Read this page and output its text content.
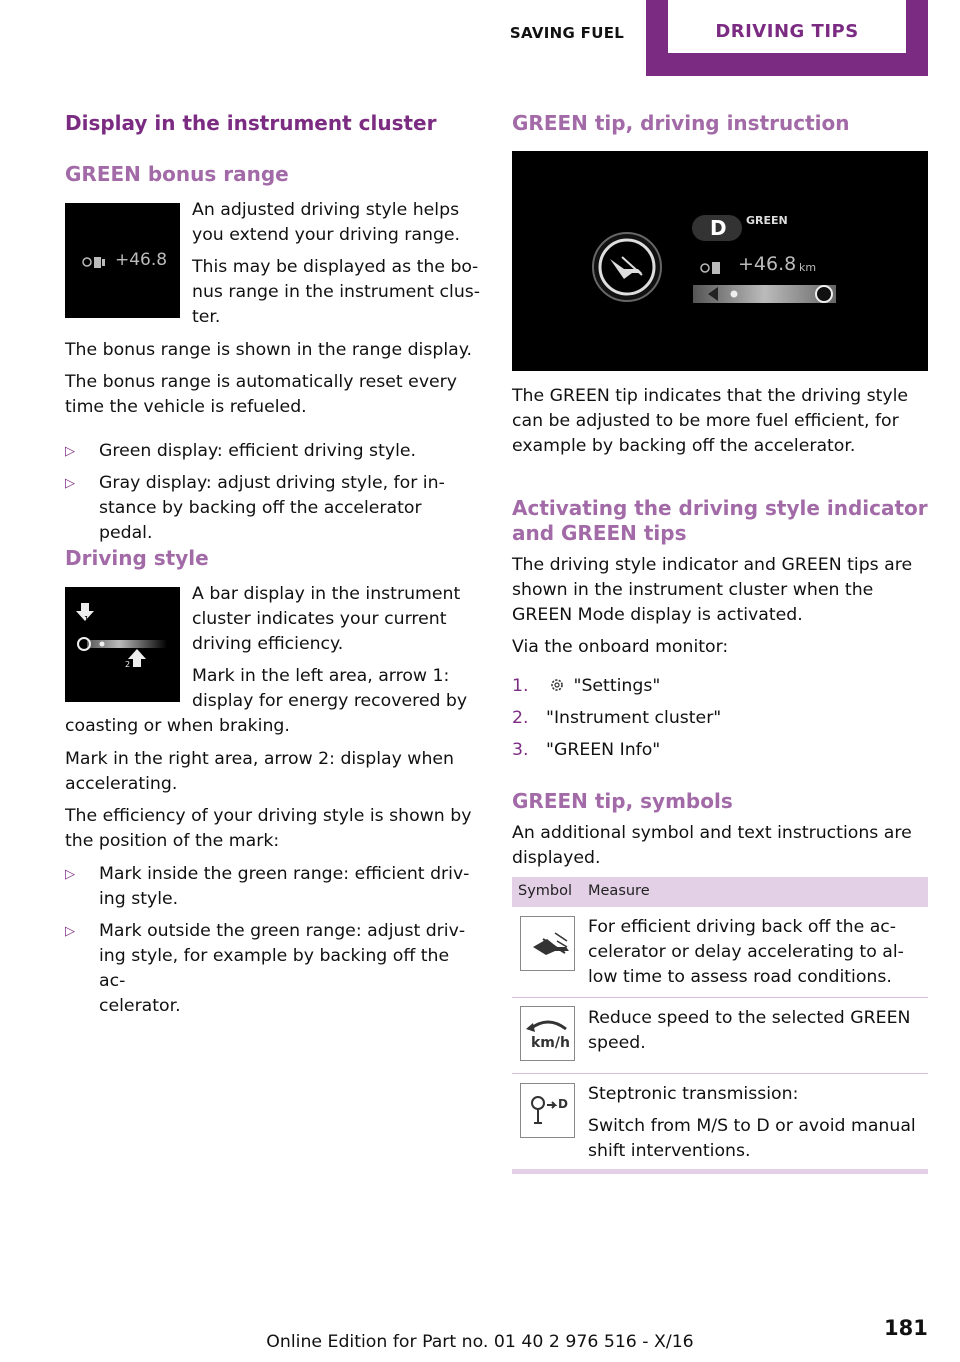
SAVING FUEL	DRIVING TIPS
Display in the instrument cluster
GREEN bonus range
+46.8

An adjusted driving style helps
you extend your driving range.

This may be displayed as the bo‐
nus range in the instrument clus‐
ter.

The bonus range is shown in the range display.

The bonus range is automatically reset every
time the vehicle is refueled.

▷ Green display: efficient driving style.
▷ Gray display: adjust driving style, for in‐
stance by backing off the accelerator pedal.
Driving style
1
2

A bar display in the instrument
cluster indicates your current
driving efficiency.

Mark in the left area, arrow 1:
display for energy recovered by

coasting or when braking.

Mark in the right area, arrow 2: display when
accelerating.

The efficiency of your driving style is shown by
the position of the mark:

▷ Mark inside the green range: efficient driv‐
ing style.
▷ Mark outside the green range: adjust driv‐
ing style, for example by backing off the ac‐
celerator.
GREEN tip, driving instruction
D GREEN
+46.8 km

The GREEN tip indicates that the driving style
can be adjusted to be more fuel efficient, for
example by backing off the accelerator.

Activating the driving style indicator
and GREEN tips

The driving style indicator and GREEN tips are
shown in the instrument cluster when the
GREEN Mode display is activated.

Via the onboard monitor:

1.	"Settings"
2. "Instrument cluster"
3. "GREEN Info"
GREEN tip, symbols

An additional symbol and text instructions are
displayed.

Symbol Measure

For efficient driving back off the ac‐
celerator or delay accelerating to al‐
low time to assess road conditions.

km/h

Reduce speed to the selected GREEN
speed.

D Steptronic transmission:

Switch from M/S to D or avoid manual
shift interventions.

181
Online Edition for Part no. 01 40 2 976 516 - X/16
